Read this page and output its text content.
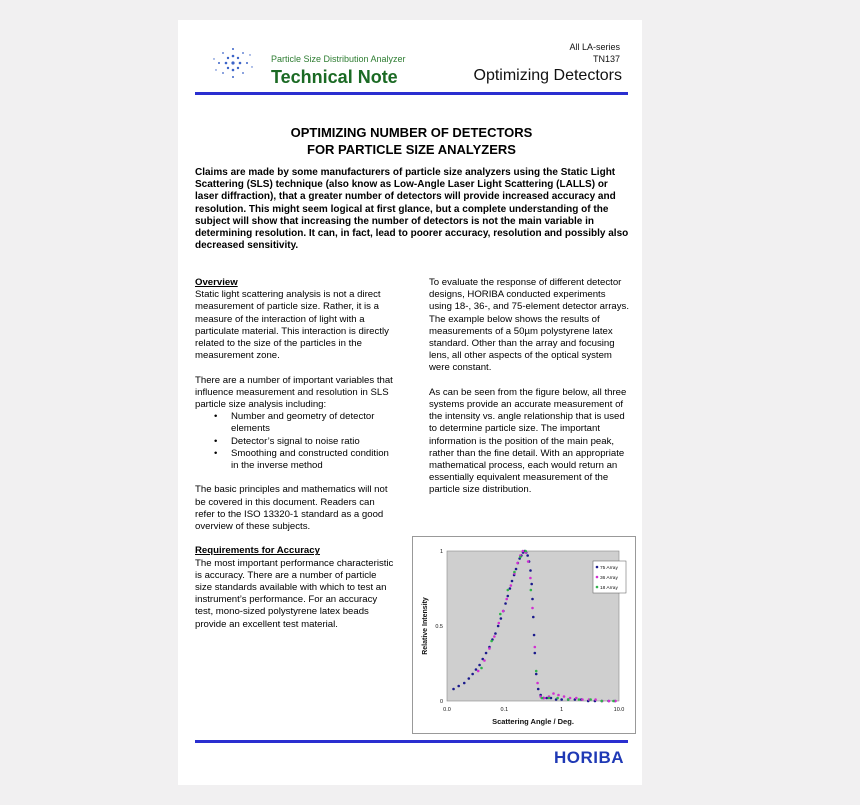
Particle Size Distribution Analyzer
Technical Note
All LA-series
TN137
Optimizing Detectors
OPTIMIZING NUMBER OF DETECTORS
FOR PARTICLE SIZE ANALYZERS
Claims are made by some manufacturers of particle size analyzers using the Static Light Scattering (SLS) technique (also know as Low-Angle Laser Light Scattering (LALLS) or laser diffraction), that a greater number of detectors will provide increased accuracy and resolution. This might seem logical at first glance, but a complete understanding of the subject will show that increasing the number of detectors is not the main variable in determining resolution. It can, in fact, lead to poorer accuracy, resolution and possibly also decreased sensitivity.

Overview

Static light scattering analysis is not a direct measurement of particle size. Rather, it is a measure of the interaction of light with a particulate material. This interaction is directly related to the size of the particles in the measurement zone.

There are a number of important variables that influence measurement and resolution in SLS particle size analysis including:

• Number and geometry of detector elements
• Detector’s signal to noise ratio
• Smoothing and constructed condition in the inverse method

The basic principles and mathematics will not be covered in this document. Readers can refer to the ISO 13320-1 standard as a good overview of these subjects.

Requirements for Accuracy

The most important performance characteristic is accuracy. There are a number of particle size standards available with which to test an instrument’s performance. For an accuracy test, mono-sized polystyrene latex beads provide an excellent test material.

To evaluate the response of different detector designs, HORIBA conducted experiments using 18-, 36-, and 75-element detector arrays. The example below shows the results of measurements of a 50µm polystyrene latex standard. Other than the array and focusing lens, all other aspects of the optical system were constant.

As can be seen from the figure below, all three systems provide an accurate measurement of the intensity vs. angle relationship that is used to determine particle size. The important information is the position of the main peak, rather than the fine detail. With an appropriate mathematical process, each would return an essentially equivalent measurement of the particle size distribution.

0.0	0.1	1	10.0
0
0.5
1
Scattering Angle / Deg.
Relative Intensity
75 Array
36 Array
18 Array
HORIBA
